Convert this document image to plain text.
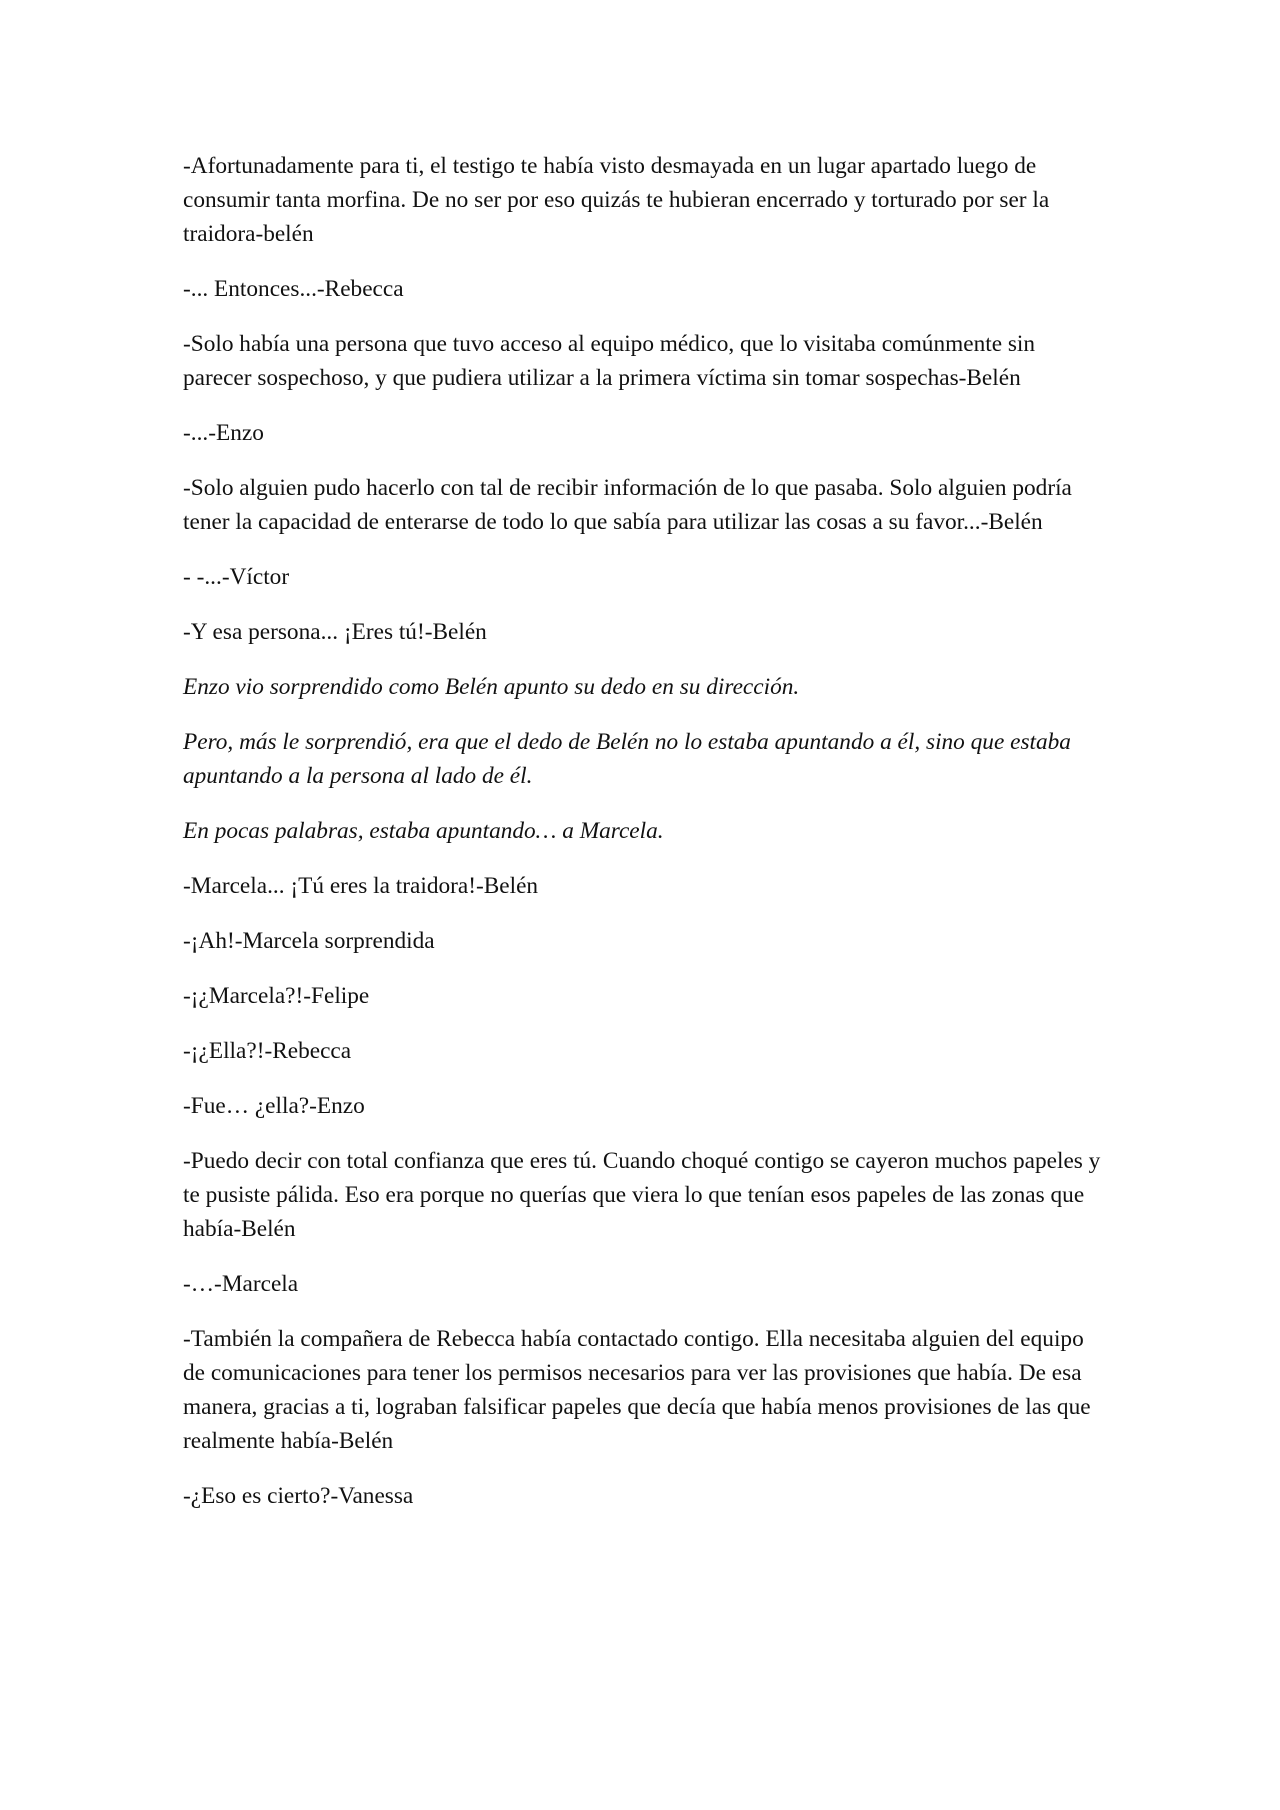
-Afortunadamente para ti, el testigo te había visto desmayada en un lugar apartado luego de consumir tanta morfina. De no ser por eso quizás te hubieran encerrado y torturado por ser la traidora-belén

-... Entonces...-Rebecca

-Solo había una persona que tuvo acceso al equipo médico, que lo visitaba comúnmente sin parecer sospechoso, y que pudiera utilizar a la primera víctima sin tomar sospechas-Belén

-...-Enzo

-Solo alguien pudo hacerlo con tal de recibir información de lo que pasaba. Solo alguien podría tener la capacidad de enterarse de todo lo que sabía para utilizar las cosas a su favor...-Belén

- -...-Víctor

-Y esa persona... ¡Eres tú!-Belén

Enzo vio sorprendido como Belén apunto su dedo en su dirección.

Pero, más le sorprendió, era que el dedo de Belén no lo estaba apuntando a él, sino que estaba apuntando a la persona al lado de él.

En pocas palabras, estaba apuntando… a Marcela.

-Marcela... ¡Tú eres la traidora!-Belén

-¡Ah!-Marcela sorprendida

-¡¿Marcela?!-Felipe

-¡¿Ella?!-Rebecca

-Fue… ¿ella?-Enzo

-Puedo decir con total confianza que eres tú. Cuando choqué contigo se cayeron muchos papeles y te pusiste pálida. Eso era porque no querías que viera lo que tenían esos papeles de las zonas que había-Belén

-…-Marcela

-También la compañera de Rebecca había contactado contigo. Ella necesitaba alguien del equipo de comunicaciones para tener los permisos necesarios para ver las provisiones que había. De esa manera, gracias a ti, lograban falsificar papeles que decía que había menos provisiones de las que realmente había-Belén

-¿Eso es cierto?-Vanessa
